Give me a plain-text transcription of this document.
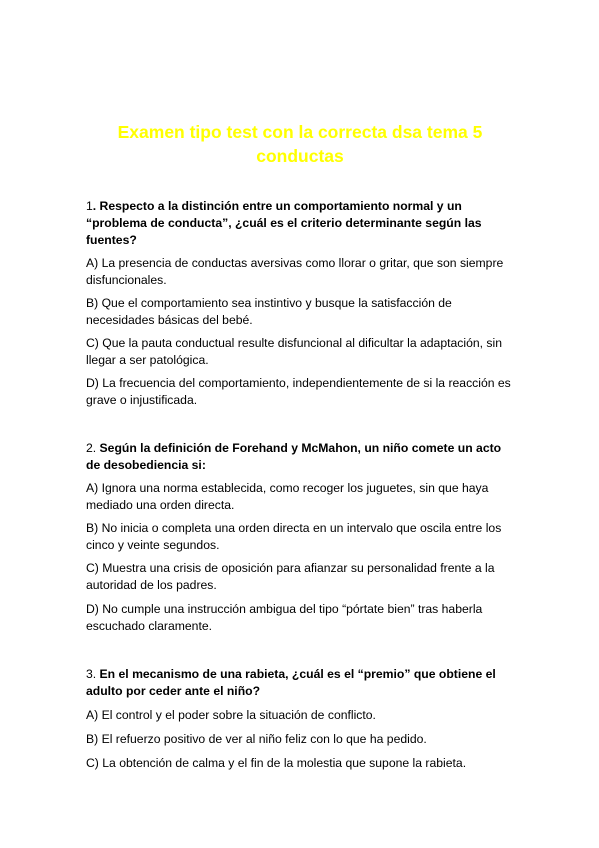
Examen tipo test con la correcta dsa tema 5 conductas

1. Respecto a la distinción entre un comportamiento normal y un “problema de conducta”, ¿cuál es el criterio determinante según las fuentes?

A) La presencia de conductas aversivas como llorar o gritar, que son siempre disfuncionales.

B) Que el comportamiento sea instintivo y busque la satisfacción de necesidades básicas del bebé.

C) Que la pauta conductual resulte disfuncional al dificultar la adaptación, sin llegar a ser patológica.

D) La frecuencia del comportamiento, independientemente de si la reacción es grave o injustificada.

2. Según la definición de Forehand y McMahon, un niño comete un acto de desobediencia si:

A) Ignora una norma establecida, como recoger los juguetes, sin que haya mediado una orden directa.

B) No inicia o completa una orden directa en un intervalo que oscila entre los cinco y veinte segundos.

C) Muestra una crisis de oposición para afianzar su personalidad frente a la autoridad de los padres.

D) No cumple una instrucción ambigua del tipo “pórtate bien” tras haberla escuchado claramente.

3. En el mecanismo de una rabieta, ¿cuál es el “premio” que obtiene el adulto por ceder ante el niño?

A) El control y el poder sobre la situación de conflicto.

B) El refuerzo positivo de ver al niño feliz con lo que ha pedido.

C) La obtención de calma y el fin de la molestia que supone la rabieta.
